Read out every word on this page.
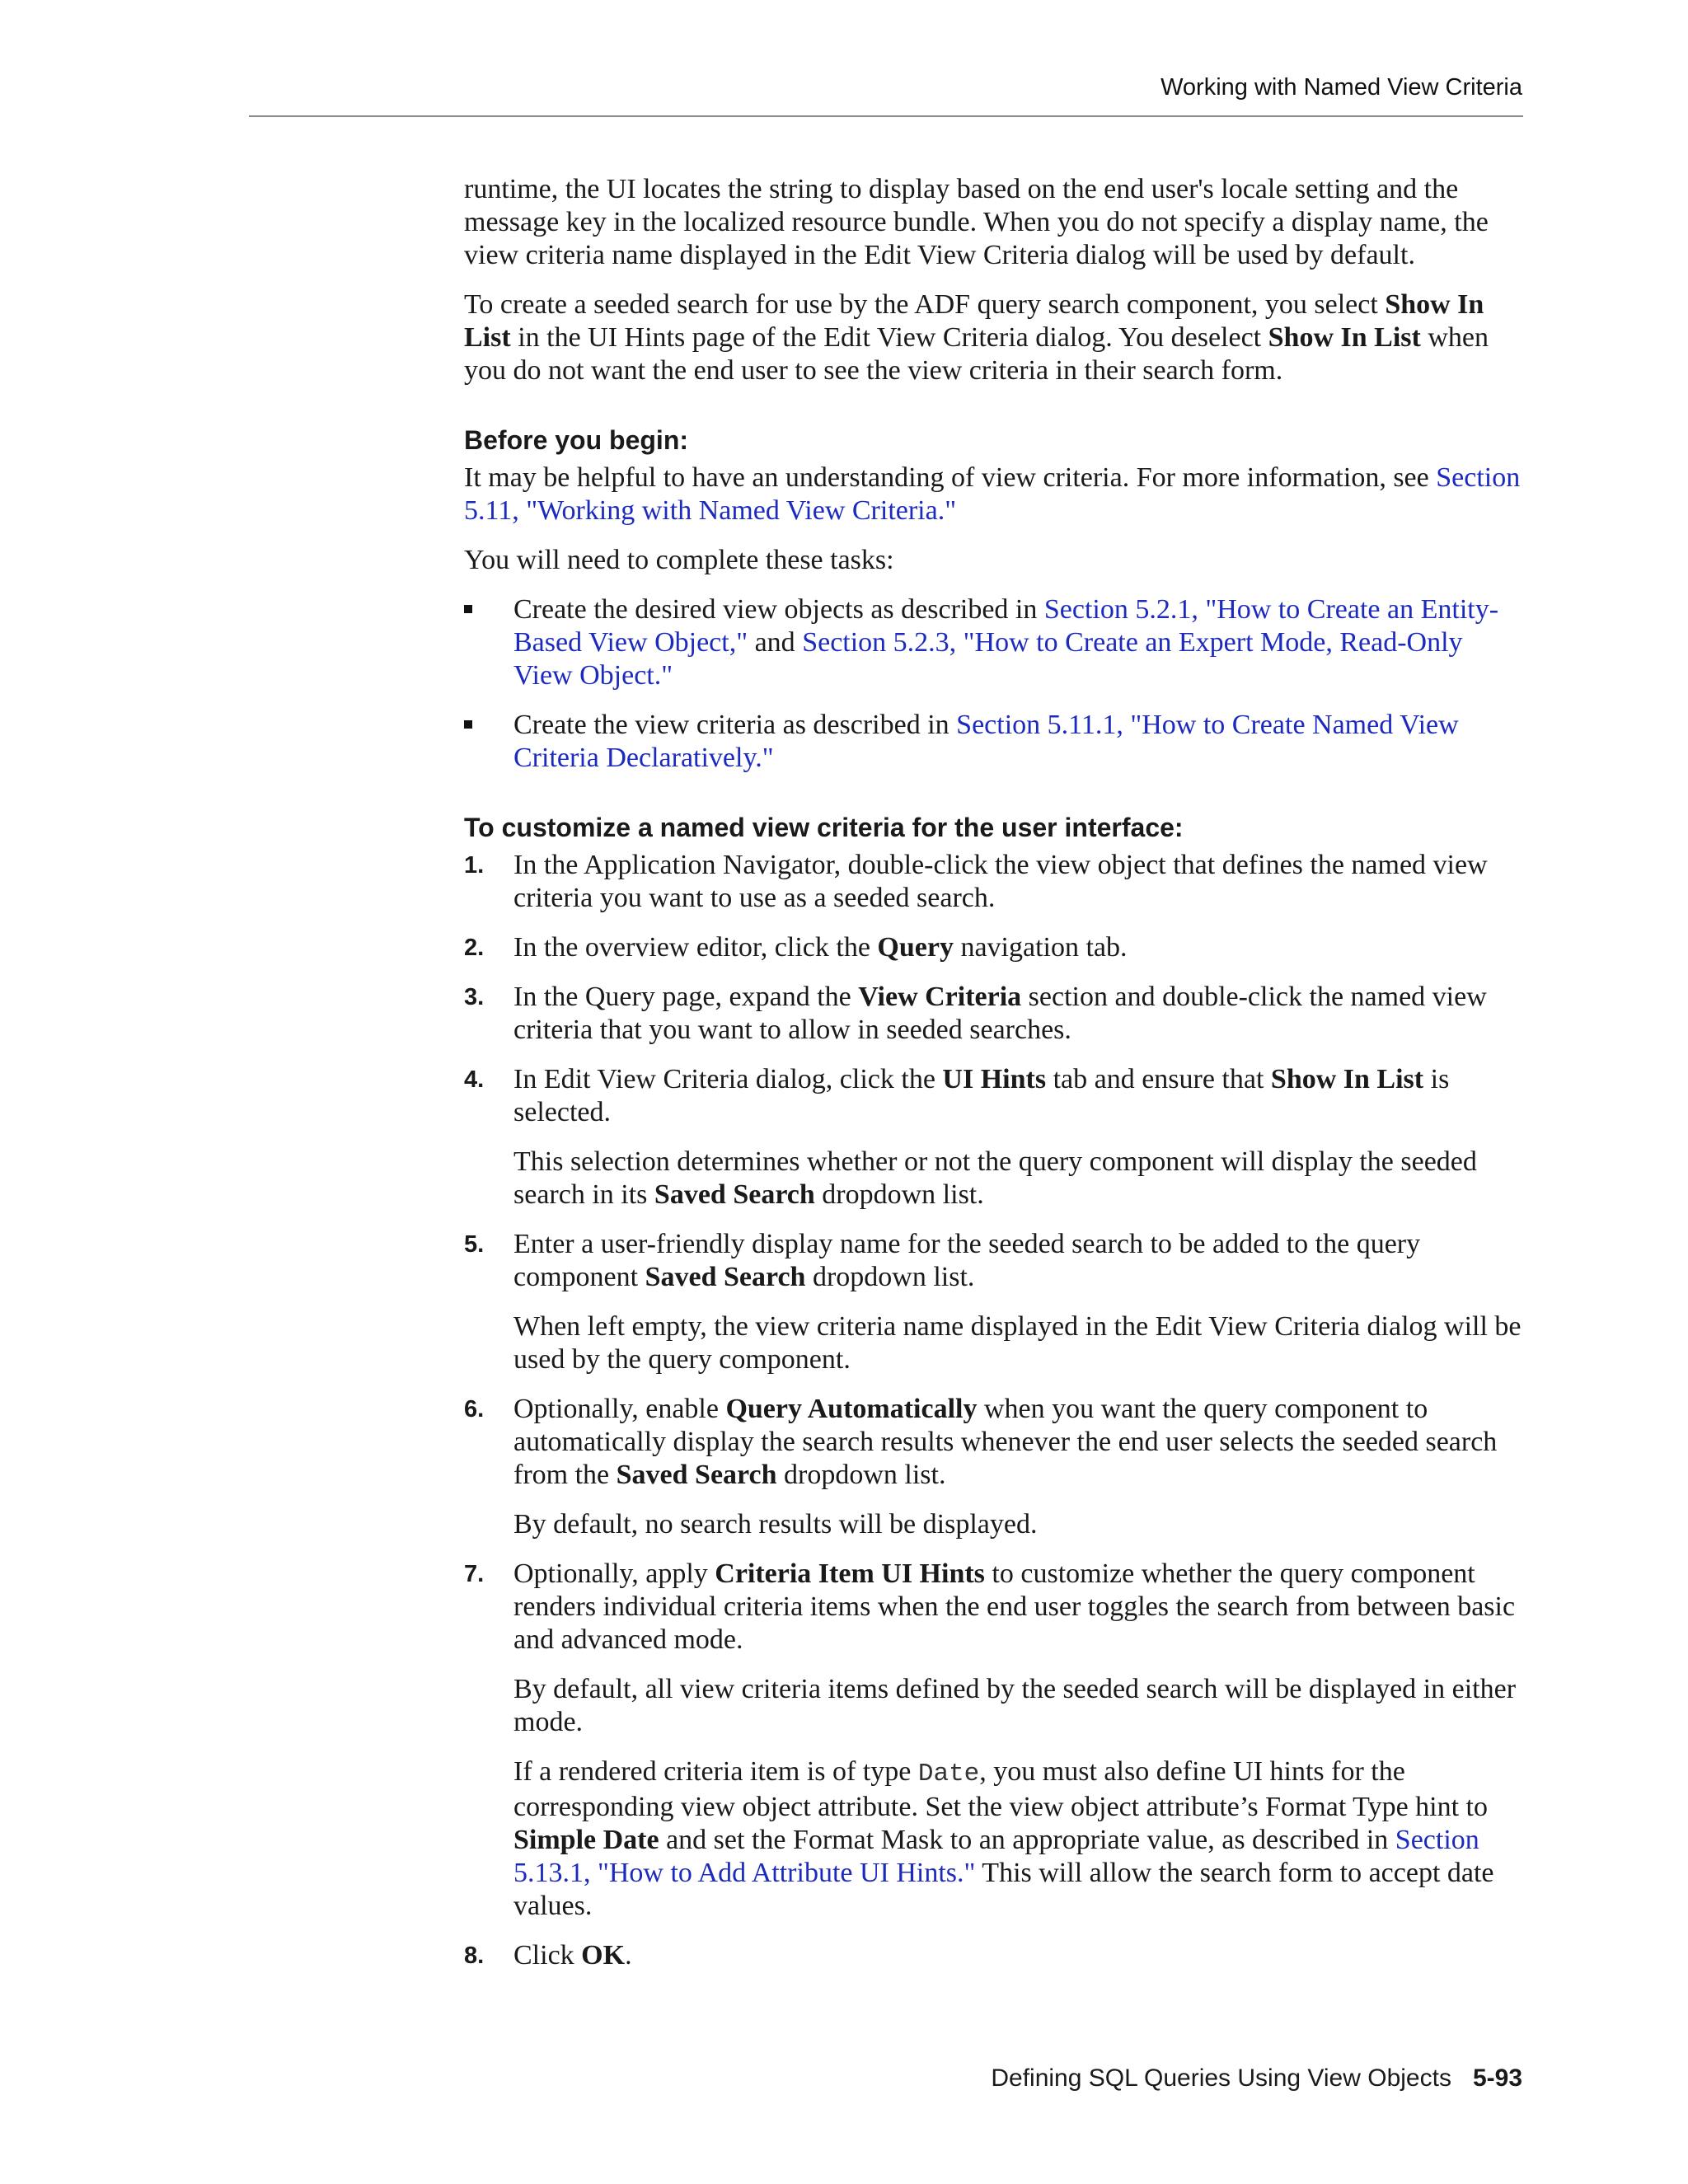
Working with Named View Criteria

runtime, the UI locates the string to display based on the end user's locale setting and the message key in the localized resource bundle. When you do not specify a display name, the view criteria name displayed in the Edit View Criteria dialog will be used by default.

To create a seeded search for use by the ADF query search component, you select Show In List in the UI Hints page of the Edit View Criteria dialog. You deselect Show In List when you do not want the end user to see the view criteria in their search form.

Before you begin:

It may be helpful to have an understanding of view criteria. For more information, see Section 5.11, "Working with Named View Criteria."

You will need to complete these tasks:

Create the desired view objects as described in Section 5.2.1, "How to Create an Entity-Based View Object," and Section 5.2.3, "How to Create an Expert Mode, Read-Only View Object."
Create the view criteria as described in Section 5.11.1, "How to Create Named View Criteria Declaratively."
To customize a named view criteria for the user interface:
1. In the Application Navigator, double-click the view object that defines the named view criteria you want to use as a seeded search.

2. In the overview editor, click the Query navigation tab.

3. In the Query page, expand the View Criteria section and double-click the named view criteria that you want to allow in seeded searches.

4. In Edit View Criteria dialog, click the UI Hints tab and ensure that Show In List is selected.

This selection determines whether or not the query component will display the seeded search in its Saved Search dropdown list.

5. Enter a user-friendly display name for the seeded search to be added to the query component Saved Search dropdown list.

When left empty, the view criteria name displayed in the Edit View Criteria dialog will be used by the query component.

6. Optionally, enable Query Automatically when you want the query component to automatically display the search results whenever the end user selects the seeded search from the Saved Search dropdown list.

By default, no search results will be displayed.

7. Optionally, apply Criteria Item UI Hints to customize whether the query component renders individual criteria items when the end user toggles the search from between basic and advanced mode.

By default, all view criteria items defined by the seeded search will be displayed in either mode.

If a rendered criteria item is of type Date, you must also define UI hints for the corresponding view object attribute. Set the view object attribute’s Format Type hint to Simple Date and set the Format Mask to an appropriate value, as described in Section 5.13.1, "How to Add Attribute UI Hints." This will allow the search form to accept date values.

8. Click OK.

Defining SQL Queries Using View Objects 5-93
